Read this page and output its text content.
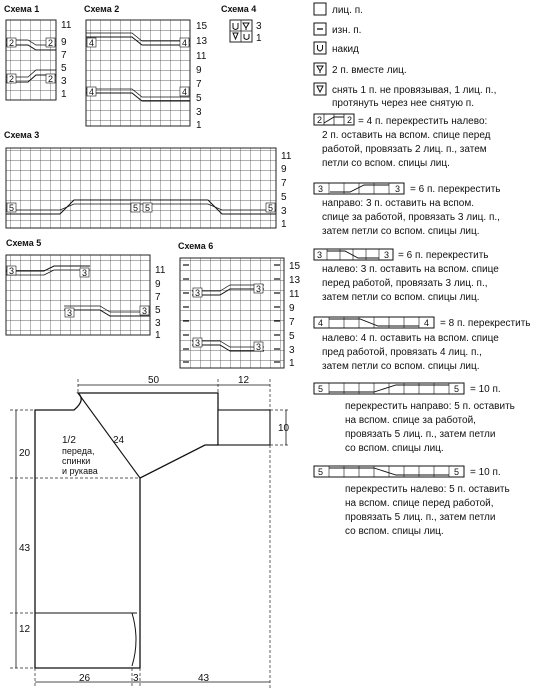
Схема 1
2	2
2	2
11
9
7
5
3
1
Схема 2
4	4
4	4
15
13
11
9
7
5
3
1
Схема 4
3
1
Схема 3
5	5 5	5
11
9
7
5
3
1
Схема 5
3	3
3	3
11
9
7
5
3
1
Схема 6
3	3
3	3
15
13
11
9
7
5
3
1
лиц. п.
изн. п.
накид
2 п. вместе лиц.
снять 1 п. не провязывая, 1 лиц. п.,
протянуть через нее снятую п.
2	2 = 4 п. перекрестить налево:
2 п. оставить на вспом. спице перед
работой, провязать 2 лиц. п., затем
петли со вспом. спицы лиц.
3	3 = 6 п. перекрестить
направо: 3 п. оставить на вспом.
спице за работой, провязать 3 лиц. п.,
затем петли со вспом. спицы лиц.
3	3 = 6 п. перекрестить
налево: 3 п. оставить на вспом. спице
перед работой, провязать 3 лиц. п.,
затем петли со вспом. спицы лиц.
4	4 = 8 п. перекрестить
налево: 4 п. оставить на вспом. спице
пред работой, провязать 4 лиц. п.,
затем петли со вспом. спицы лиц.
5	5 = 10 п.
перекрестить направо: 5 п. оставить
на вспом. спице за работой,
провязать 5 лиц. п., затем петли
со вспом. спицы лиц.
5	5 = 10 п.
перекрестить налево: 5 п. оставить
на вспом. спице перед работой,
провязать 5 лиц. п., затем петли
со вспом. спицы лиц.
50	12
10
24
20
43
12
26	3	43
1/2
переда,
спинки
и рукава
